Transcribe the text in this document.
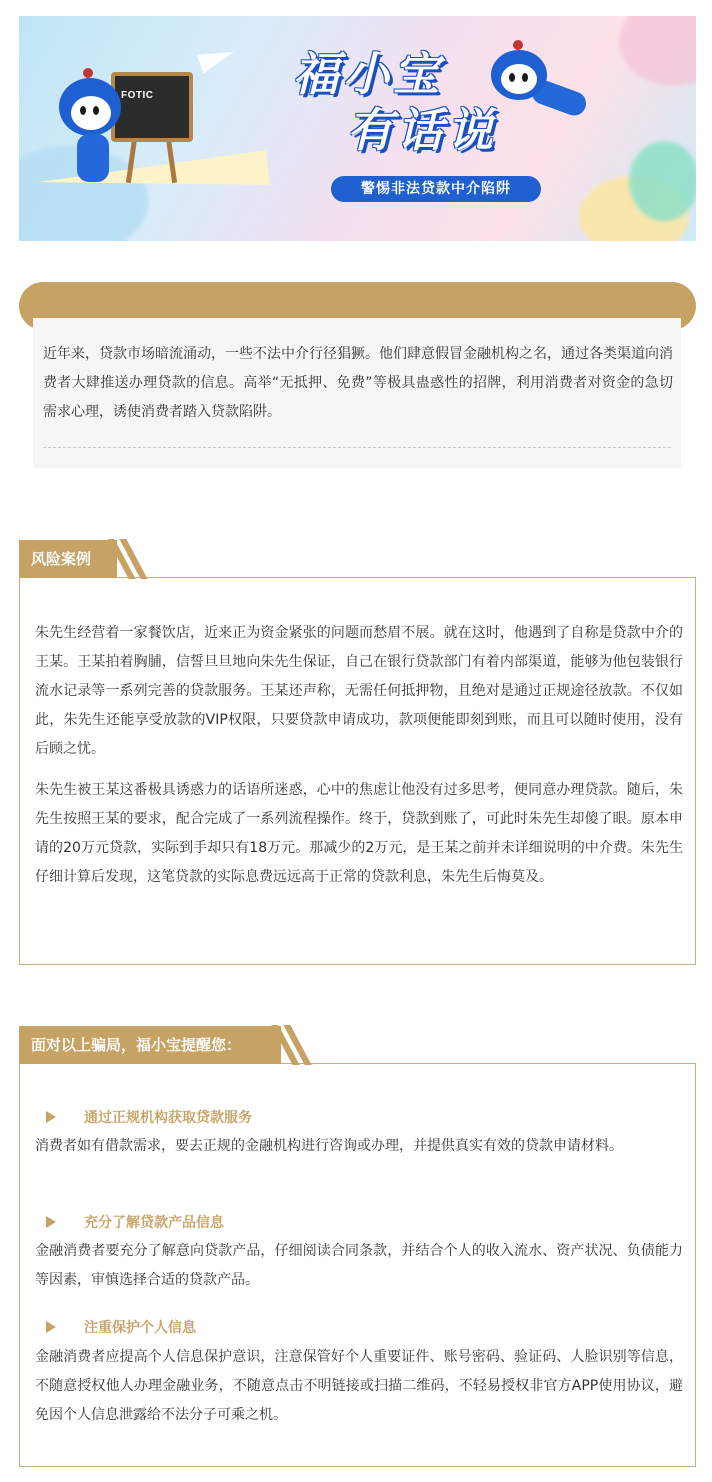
FOTIC	福小宝
有话说
警惕非法贷款中介陷阱

近年来，贷款市场暗流涌动，一些不法中介行径猖獗。他们肆意假冒金融机构之名，通过各类渠道向消费者大肆推送办理贷款的信息。高举“无抵押、免费”等极具蛊惑性的招牌，利用消费者对资金的急切需求心理，诱使消费者踏入贷款陷阱。

风险案例

朱先生经营着一家餐饮店，近来正为资金紧张的问题而愁眉不展。就在这时，他遇到了自称是贷款中介的王某。王某拍着胸脯，信誓旦旦地向朱先生保证，自己在银行贷款部门有着内部渠道，能够为他包装银行流水记录等一系列完善的贷款服务。王某还声称，无需任何抵押物，且绝对是通过正规途径放款。不仅如此，朱先生还能享受放款的VIP权限，只要贷款申请成功，款项便能即刻到账，而且可以随时使用，没有后顾之忧。

朱先生被王某这番极具诱惑力的话语所迷惑，心中的焦虑让他没有过多思考，便同意办理贷款。随后，朱先生按照王某的要求，配合完成了一系列流程操作。终于，贷款到账了，可此时朱先生却傻了眼。原本申请的20万元贷款，实际到手却只有18万元。那减少的2万元，是王某之前并未详细说明的中介费。朱先生仔细计算后发现，这笔贷款的实际息费远远高于正常的贷款利息，朱先生后悔莫及。

面对以上骗局，福小宝提醒您：
通过正规机构获取贷款服务

消费者如有借款需求，要去正规的金融机构进行咨询或办理，并提供真实有效的贷款申请材料。

充分了解贷款产品信息

金融消费者要充分了解意向贷款产品，仔细阅读合同条款，并结合个人的收入流水、资产状况、负债能力等因素，审慎选择合适的贷款产品。

注重保护个人信息

金融消费者应提高个人信息保护意识，注意保管好个人重要证件、账号密码、验证码、人脸识别等信息，不随意授权他人办理金融业务，不随意点击不明链接或扫描二维码，不轻易授权非官方APP使用协议，避免因个人信息泄露给不法分子可乘之机。
